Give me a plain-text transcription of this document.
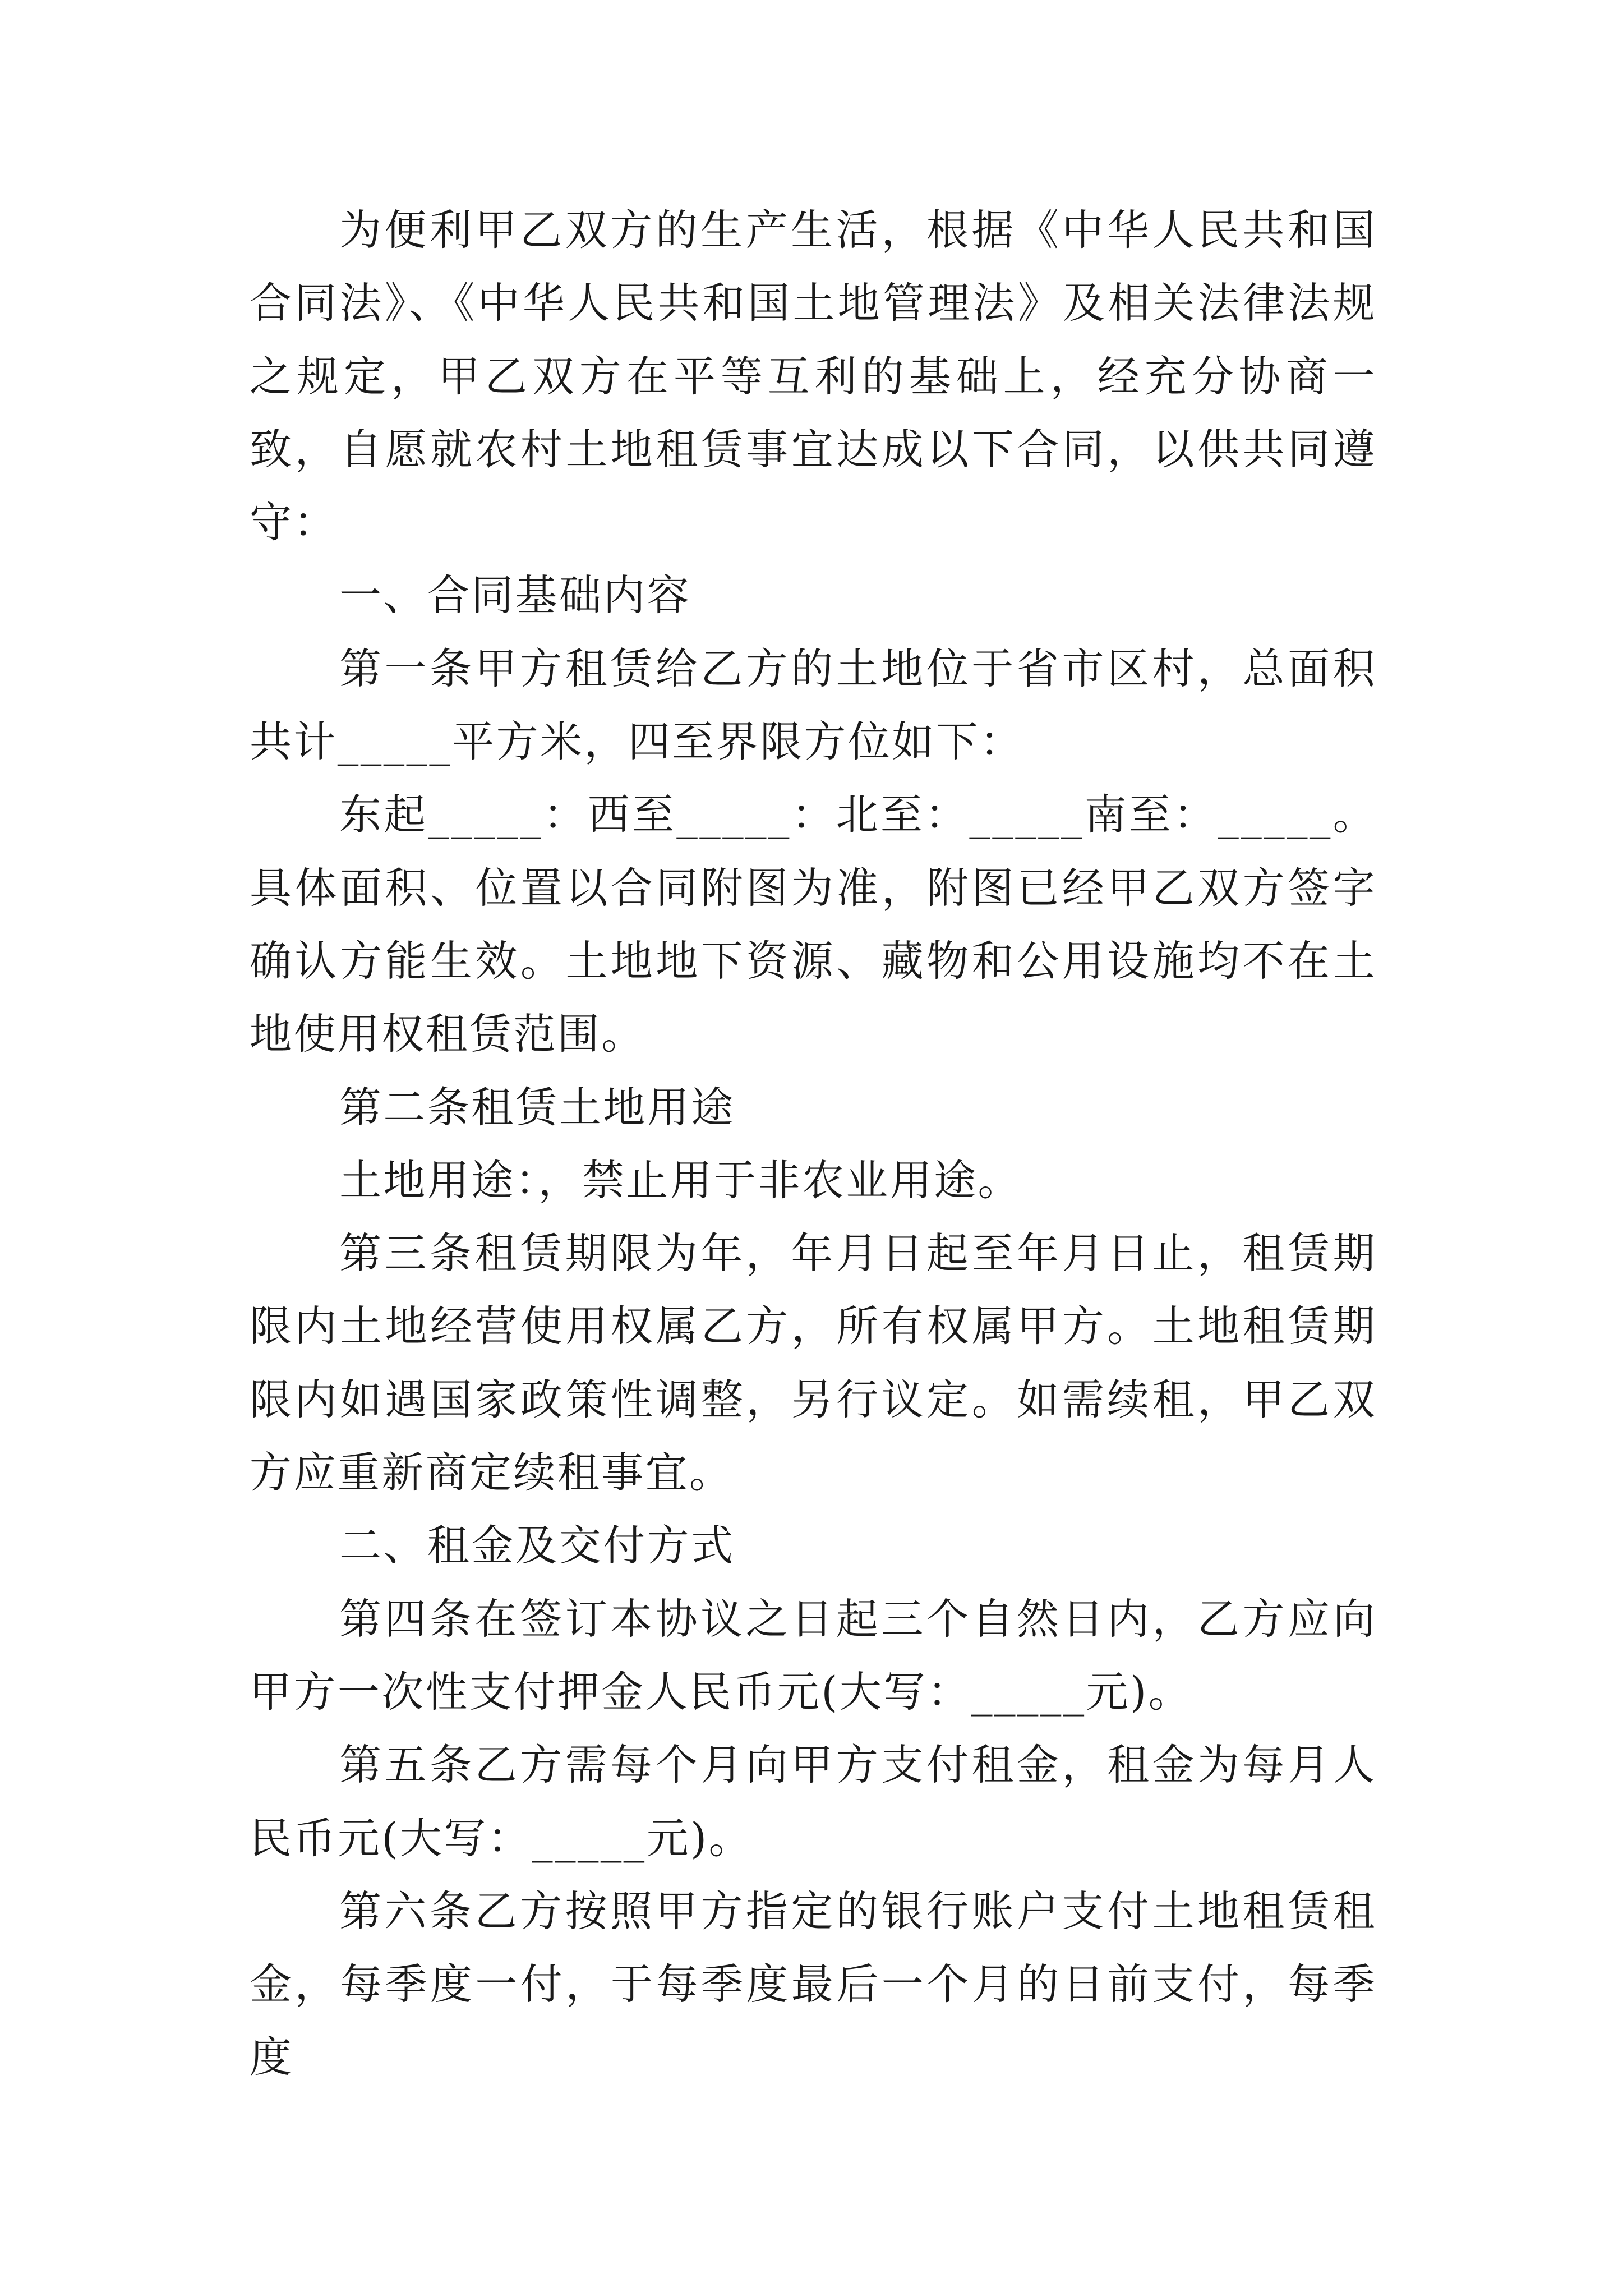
为便利甲乙双方的生产生活，根据《中华人民共和国合同法》、《中华人民共和国土地管理法》及相关法律法规之规定，甲乙双方在平等互利的基础上，经充分协商一致，自愿就农村土地租赁事宜达成以下合同，以供共同遵守：

一、合同基础内容

第一条甲方租赁给乙方的土地位于省市区村，总面积共计_____平方米，四至界限方位如下：

东起_____：西至_____：北至：_____南至：_____。具体面积、位置以合同附图为准，附图已经甲乙双方签字确认方能生效。土地地下资源、藏物和公用设施均不在土地使用权租赁范围。

第二条租赁土地用途

土地用途：，禁止用于非农业用途。

第三条租赁期限为年，年月日起至年月日止，租赁期限内土地经营使用权属乙方，所有权属甲方。土地租赁期限内如遇国家政策性调整，另行议定。如需续租，甲乙双方应重新商定续租事宜。

二、租金及交付方式

第四条在签订本协议之日起三个自然日内，乙方应向甲方一次性支付押金人民币元(大写：_____元)。

第五条乙方需每个月向甲方支付租金，租金为每月人民币元(大写：_____元)。

第六条乙方按照甲方指定的银行账户支付土地租赁租金，每季度一付，于每季度最后一个月的日前支付，每季度
